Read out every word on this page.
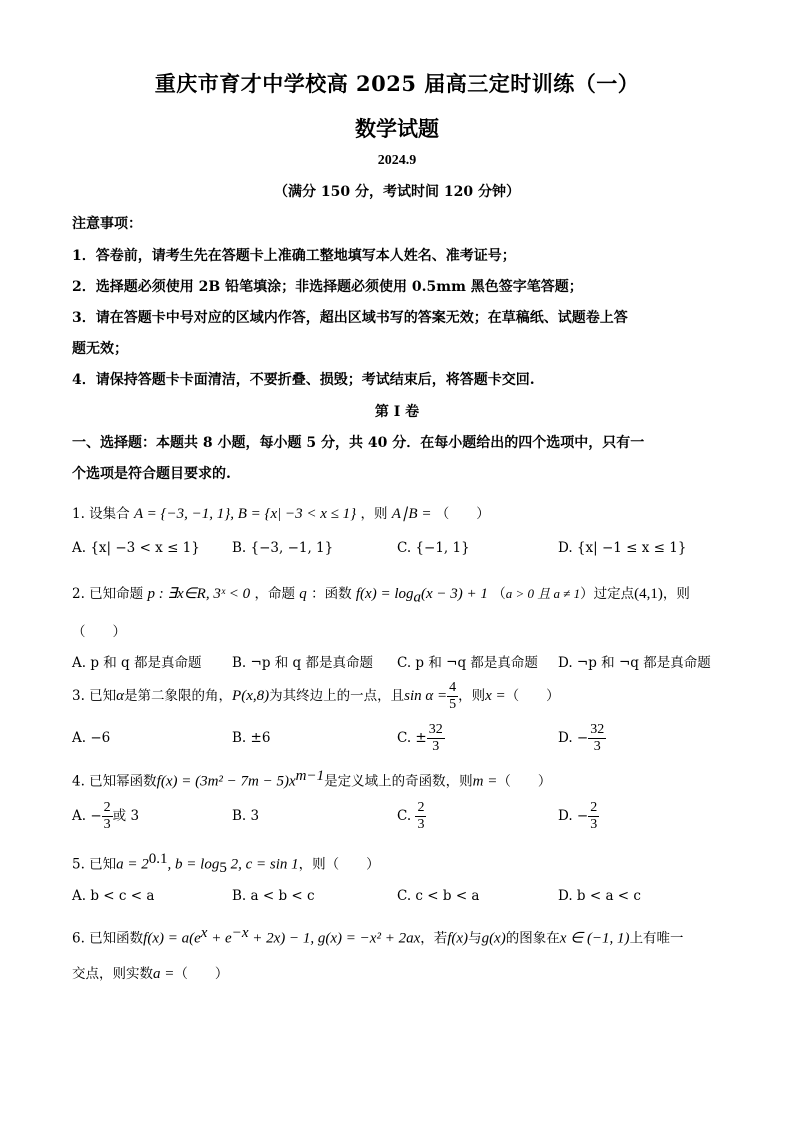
重庆市育才中学校高 2025 届高三定时训练（一）
数学试题
2024.9
（满分 150 分，考试时间 120 分钟）
注意事项：
1．答卷前，请考生先在答题卡上准确工整地填写本人姓名、准考证号；
2．选择题必须使用 2B 铅笔填涂；非选择题必须使用 0.5mm 黑色签字笔答题；
3．请在答题卡中号对应的区域内作答，超出区域书写的答案无效；在草稿纸、试题卷上答
题无效；
4．请保持答题卡卡面清洁，不要折叠、损毁；考试结束后，将答题卡交回.
第 I 卷
一、选择题：本题共 8 小题，每小题 5 分，共 40 分．在每小题给出的四个选项中，只有一
个选项是符合题目要求的.
1. 设集合 A = {−3, −1, 1}, B = {x| −3 < x ≤ 1} ，则 A∣B = （　　）
A. {x| −3 < x ≤ 1} B. {−3, −1, 1}	C. {−1, 1}	D. {x| −1 ≤ x ≤ 1}
2. 已知命题 p : ∃x∈R, 3ˣ < 0 ，命题 q ：函数 $f(x) = \log_a(x - 3) + 1$ （a > 0 且 a ≠ 1）过定点(4,1)，则
（　　）
A. p 和 q 都是真命题 B. ¬p 和 q 都是真命题 C. p 和 ¬q 都是真命题 D. ¬p 和 ¬q 都是真命题
3. 已知α是第二象限的角，P(x,8)为其终边上的一点，且$\sin \alpha = \frac{4}{5}$ ，则x =（　　）
A. −6	B. ±6	C. ± $\frac{32}{3}$	D. − $\frac{32}{3}$
4. 已知幂函数$f(x) = (3m^2 - 7m - 5)x^{m-1}$是定义域上的奇函数，则m =（　　）
A. − $\frac{2}{3}$ 或 3	B. 3	C. $\frac{2}{3}$	D. − $\frac{2}{3}$
5. 已知$a = 2^{0.1}$, $b = \log_5 2$, c = sin 1，则（　　）
A. b < c < a	B. a < b < c	C. c < b < a	D. b < a < c
6. 已知函数$f(x) = a(e^x + e^{-x} + 2x) - 1$, g(x) = −x² + 2ax，若f(x)与g(x)的图象在x ∈ (−1, 1)上有唯一
交点，则实数a =（　　）
